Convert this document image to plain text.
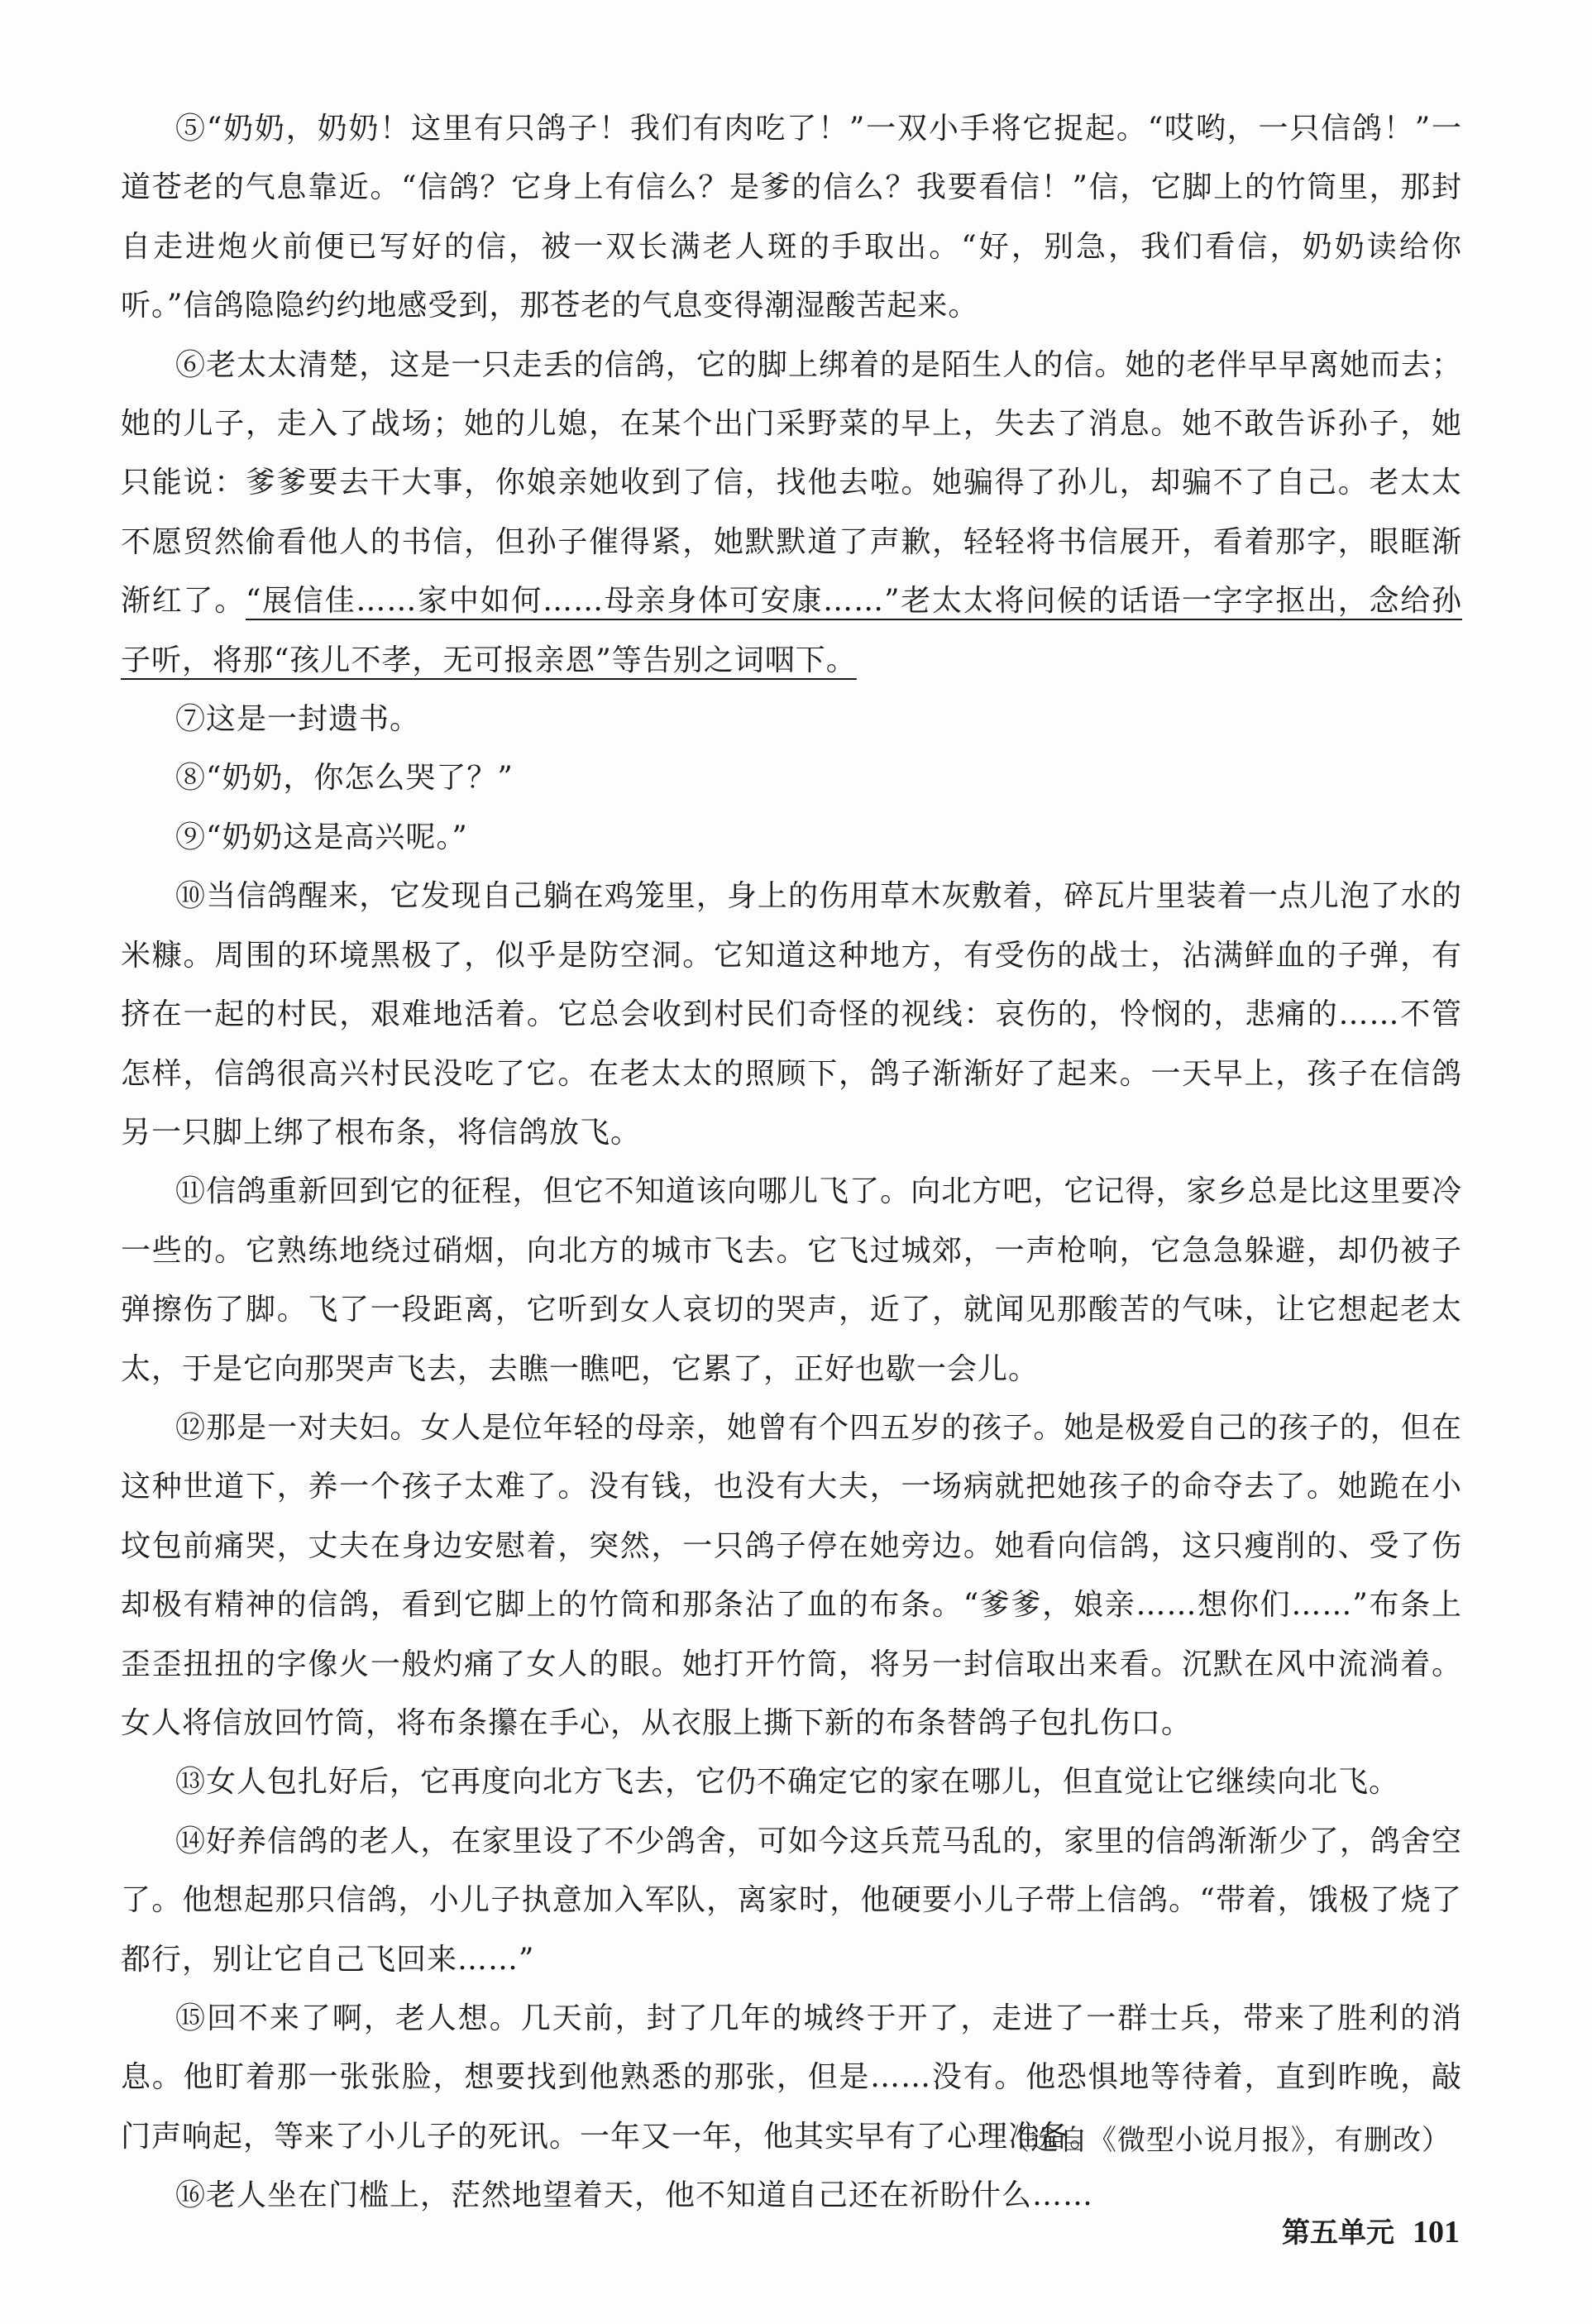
⑤“奶奶，奶奶！这里有只鸽子！我们有肉吃了！”一双小手将它捉起。“哎哟，一只信鸽！”一道苍老的气息靠近。“信鸽？它身上有信么？是爹的信么？我要看信！”信，它脚上的竹筒里，那封自走进炮火前便已写好的信，被一双长满老人斑的手取出。“好，别急，我们看信，奶奶读给你听。”信鸽隐隐约约地感受到，那苍老的气息变得潮湿酸苦起来。

⑥老太太清楚，这是一只走丢的信鸽，它的脚上绑着的是陌生人的信。她的老伴早早离她而去；她的儿子，走入了战场；她的儿媳，在某个出门采野菜的早上，失去了消息。她不敢告诉孙子，她只能说：爹爹要去干大事，你娘亲她收到了信，找他去啦。她骗得了孙儿，却骗不了自己。老太太不愿贸然偷看他人的书信，但孙子催得紧，她默默道了声歉，轻轻将书信展开，看着那字，眼眶渐渐红了。“展信佳……家中如何……母亲身体可安康……”老太太将问候的话语一字字抠出，念给孙子听，将那“孩儿不孝，无可报亲恩”等告别之词咽下。

⑦这是一封遗书。

⑧“奶奶，你怎么哭了？”

⑨“奶奶这是高兴呢。”

⑩当信鸽醒来，它发现自己躺在鸡笼里，身上的伤用草木灰敷着，碎瓦片里装着一点儿泡了水的米糠。周围的环境黑极了，似乎是防空洞。它知道这种地方，有受伤的战士，沾满鲜血的子弹，有挤在一起的村民，艰难地活着。它总会收到村民们奇怪的视线：哀伤的，怜悯的，悲痛的……不管怎样，信鸽很高兴村民没吃了它。在老太太的照顾下，鸽子渐渐好了起来。一天早上，孩子在信鸽另一只脚上绑了根布条，将信鸽放飞。

⑪信鸽重新回到它的征程，但它不知道该向哪儿飞了。向北方吧，它记得，家乡总是比这里要冷一些的。它熟练地绕过硝烟，向北方的城市飞去。它飞过城郊，一声枪响，它急急躲避，却仍被子弹擦伤了脚。飞了一段距离，它听到女人哀切的哭声，近了，就闻见那酸苦的气味，让它想起老太太，于是它向那哭声飞去，去瞧一瞧吧，它累了，正好也歇一会儿。

⑫那是一对夫妇。女人是位年轻的母亲，她曾有个四五岁的孩子。她是极爱自己的孩子的，但在这种世道下，养一个孩子太难了。没有钱，也没有大夫，一场病就把她孩子的命夺去了。她跪在小坟包前痛哭，丈夫在身边安慰着，突然，一只鸽子停在她旁边。她看向信鸽，这只瘦削的、受了伤却极有精神的信鸽，看到它脚上的竹筒和那条沾了血的布条。“爹爹，娘亲……想你们……”布条上歪歪扭扭的字像火一般灼痛了女人的眼。她打开竹筒，将另一封信取出来看。沉默在风中流淌着。女人将信放回竹筒，将布条攥在手心，从衣服上撕下新的布条替鸽子包扎伤口。

⑬女人包扎好后，它再度向北方飞去，它仍不确定它的家在哪儿，但直觉让它继续向北飞。

⑭好养信鸽的老人，在家里设了不少鸽舍，可如今这兵荒马乱的，家里的信鸽渐渐少了，鸽舍空了。他想起那只信鸽，小儿子执意加入军队，离家时，他硬要小儿子带上信鸽。“带着，饿极了烧了都行，别让它自己飞回来……”

⑮回不来了啊，老人想。几天前，封了几年的城终于开了，走进了一群士兵，带来了胜利的消息。他盯着那一张张脸，想要找到他熟悉的那张，但是……没有。他恐惧地等待着，直到昨晚，敲门声响起，等来了小儿子的死讯。一年又一年，他其实早有了心理准备。

⑯老人坐在门槛上，茫然地望着天，他不知道自己还在祈盼什么……

（选自《微型小说月报》，有删改）
第五单元 101
